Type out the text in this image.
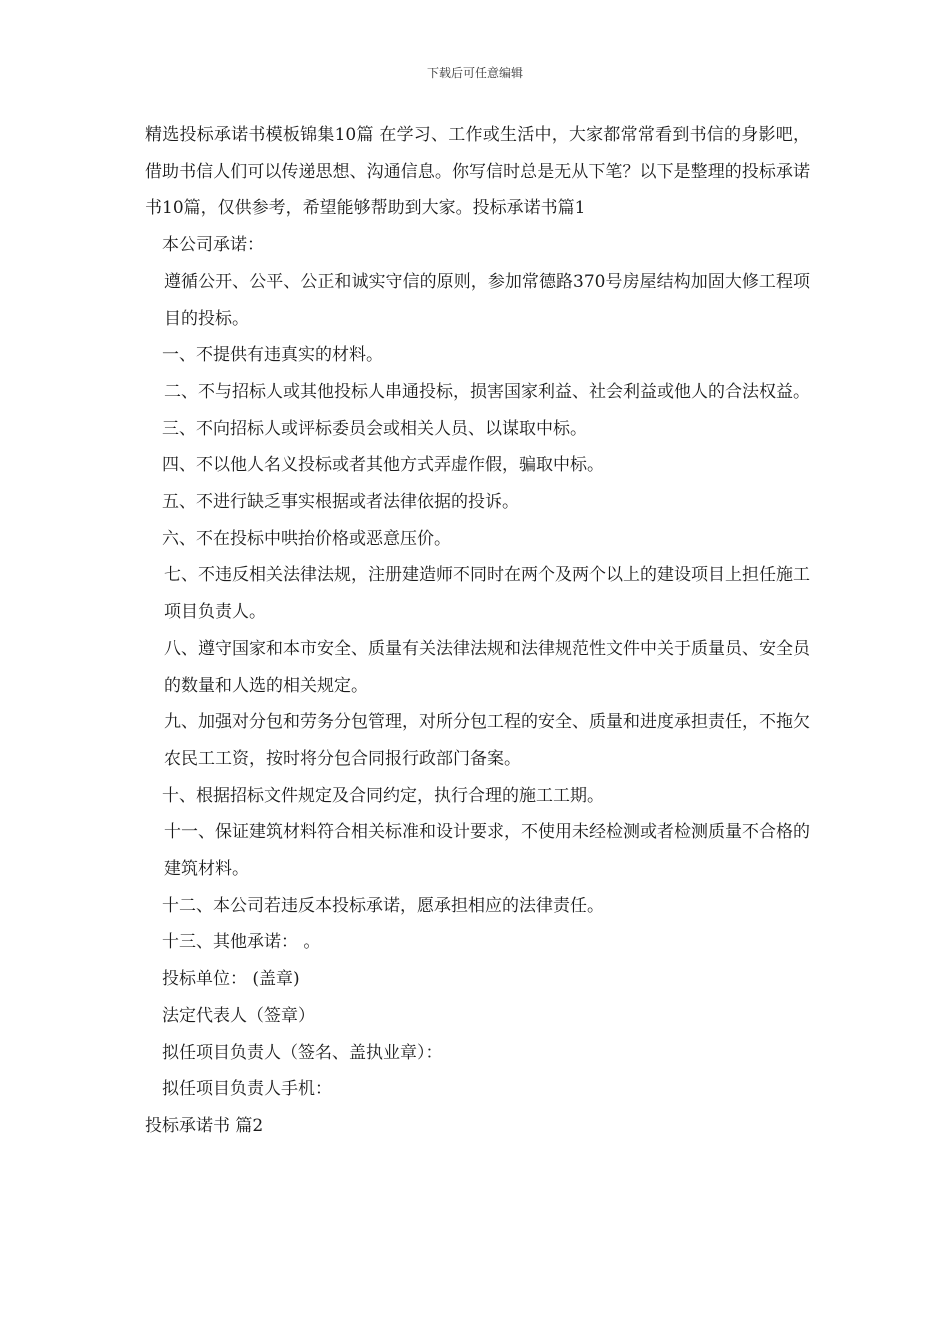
下载后可任意编辑

精选投标承诺书模板锦集10篇 在学习、工作或生活中，大家都常常看到书信的身影吧，借助书信人们可以传递思想、沟通信息。你写信时总是无从下笔？以下是整理的投标承诺书10篇，仅供参考，希望能够帮助到大家。投标承诺书篇1

本公司承诺：

遵循公开、公平、公正和诚实守信的原则，参加常德路370号房屋结构加固大修工程项目的投标。

一、不提供有违真实的材料。

二、不与招标人或其他投标人串通投标，损害国家利益、社会利益或他人的合法权益。

三、不向招标人或评标委员会或相关人员、以谋取中标。

四、不以他人名义投标或者其他方式弄虚作假，骗取中标。

五、不进行缺乏事实根据或者法律依据的投诉。

六、不在投标中哄抬价格或恶意压价。

七、不违反相关法律法规，注册建造师不同时在两个及两个以上的建设项目上担任施工项目负责人。

八、遵守国家和本市安全、质量有关法律法规和法律规范性文件中关于质量员、安全员的数量和人选的相关规定。

九、加强对分包和劳务分包管理，对所分包工程的安全、质量和进度承担责任，不拖欠农民工工资，按时将分包合同报行政部门备案。

十、根据招标文件规定及合同约定，执行合理的施工工期。

十一、保证建筑材料符合相关标准和设计要求，不使用未经检测或者检测质量不合格的建筑材料。

十二、本公司若违反本投标承诺，愿承担相应的法律责任。

十三、其他承诺： 。

投标单位： (盖章)

法定代表人（签章）

拟任项目负责人（签名、盖执业章）：

拟任项目负责人手机：

投标承诺书 篇2
